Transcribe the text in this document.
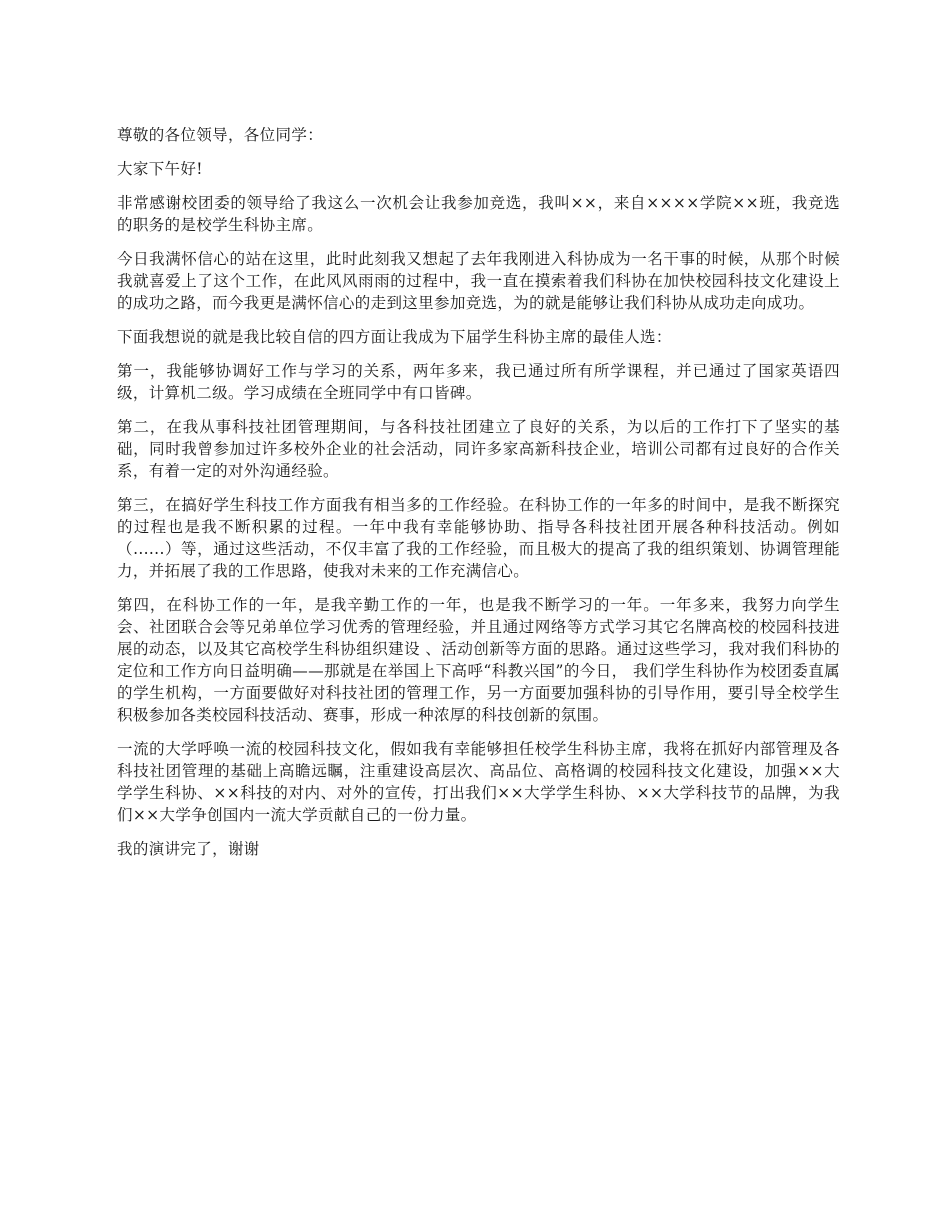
尊敬的各位领导，各位同学：

大家下午好!

非常感谢校团委的领导给了我这么一次机会让我参加竞选，我叫××，来自××××学院××班，我竞选的职务的是校学生科协主席。

今日我满怀信心的站在这里，此时此刻我又想起了去年我刚进入科协成为一名干事的时候，从那个时候我就喜爱上了这个工作，在此风风雨雨的过程中，我一直在摸索着我们科协在加快校园科技文化建设上的成功之路，而今我更是满怀信心的走到这里参加竞选，为的就是能够让我们科协从成功走向成功。

下面我想说的就是我比较自信的四方面让我成为下届学生科协主席的最佳人选：

第一，我能够协调好工作与学习的关系，两年多来，我已通过所有所学课程，并已通过了国家英语四级，计算机二级。学习成绩在全班同学中有口皆碑。

第二，在我从事科技社团管理期间，与各科技社团建立了良好的关系，为以后的工作打下了坚实的基础，同时我曾参加过许多校外企业的社会活动，同许多家高新科技企业，培训公司都有过良好的合作关系，有着一定的对外沟通经验。

第三，在搞好学生科技工作方面我有相当多的工作经验。在科协工作的一年多的时间中，是我不断探究的过程也是我不断积累的过程。一年中我有幸能够协助、指导各科技社团开展各种科技活动。例如（......）等，通过这些活动，不仅丰富了我的工作经验，而且极大的提高了我的组织策划、协调管理能力，并拓展了我的工作思路，使我对未来的工作充满信心。

第四，在科协工作的一年，是我辛勤工作的一年，也是我不断学习的一年。一年多来，我努力向学生会、社团联合会等兄弟单位学习优秀的管理经验，并且通过网络等方式学习其它名牌高校的校园科技进展的动态，以及其它高校学生科协组织建设 、活动创新等方面的思路。通过这些学习，我对我们科协的定位和工作方向日益明确——那就是在举国上下高呼“科教兴国”的今日， 我们学生科协作为校团委直属的学生机构，一方面要做好对科技社团的管理工作，另一方面要加强科协的引导作用，要引导全校学生积极参加各类校园科技活动、赛事，形成一种浓厚的科技创新的氛围。

一流的大学呼唤一流的校园科技文化，假如我有幸能够担任校学生科协主席，我将在抓好内部管理及各科技社团管理的基础上高瞻远瞩，注重建设高层次、高品位、高格调的校园科技文化建设，加强××大学学生科协、××科技的对内、对外的宣传，打出我们××大学学生科协、××大学科技节的品牌，为我们××大学争创国内一流大学贡献自己的一份力量。

我的演讲完了，谢谢
